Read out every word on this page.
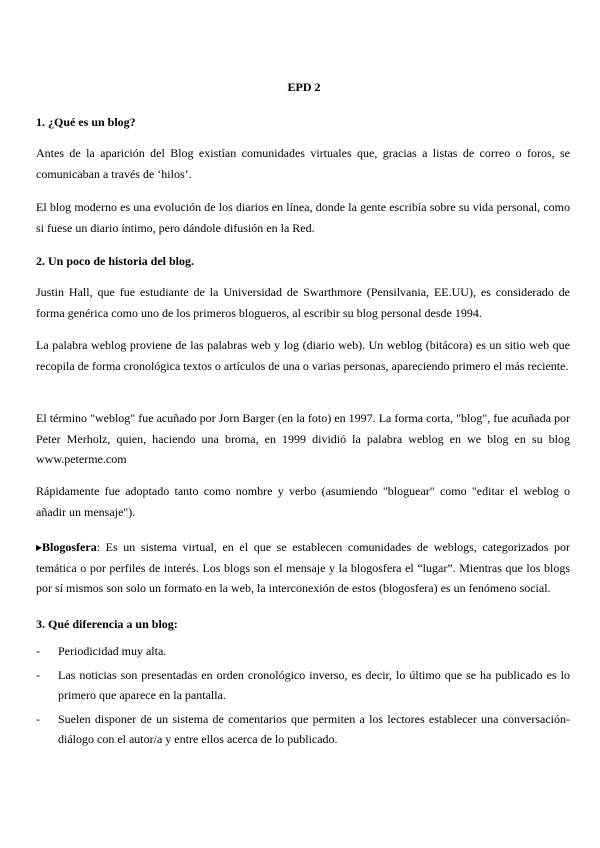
EPD 2
1. ¿Qué es un blog?

Antes de la aparición del Blog existían comunidades virtuales que, gracias a listas de correo o foros, se comunicaban a través de ‘hilos’.

El blog moderno es una evolución de los diarios en línea, donde la gente escribía sobre su vida personal, como si fuese un diario íntimo, pero dándole difusión en la Red.

2. Un poco de historia del blog.

Justin Hall, que fue estudiante de la Universidad de Swarthmore (Pensilvania, EE.UU), es considerado de forma genérica como uno de los primeros blogueros, al escribir su blog personal desde 1994.

La palabra weblog proviene de las palabras web y log (diario web). Un weblog (bitácora) es un sitio web que recopila de forma cronológica textos o artículos de una o varias personas, apareciendo primero el más reciente.

El término "weblog" fue acuñado por Jorn Barger (en la foto) en 1997. La forma corta, "blog", fue acuñada por Peter Merholz, quien, haciendo una broma, en 1999 dividió la palabra weblog en we blog en su blog www.peterme.com

Rápidamente fue adoptado tanto como nombre y verbo (asumiendo "bloguear" como "editar el weblog o añadir un mensaje").

▸Blogosfera: Es un sistema virtual, en el que se establecen comunidades de weblogs, categorizados por temática o por perfiles de interés. Los blogs son el mensaje y la blogosfera el “lugar”. Mientras que los blogs por sí mismos son solo un formato en la web, la interconexión de estos (blogosfera) es un fenómeno social.

3. Qué diferencia a un blog:
- Periodicidad muy alta.
- Las noticias son presentadas en orden cronológico inverso, es decir, lo último que se ha publicado es lo primero que aparece en la pantalla.
- Suelen disponer de un sistema de comentarios que permiten a los lectores establecer una conversación- diálogo con el autor/a y entre ellos acerca de lo publicado.
